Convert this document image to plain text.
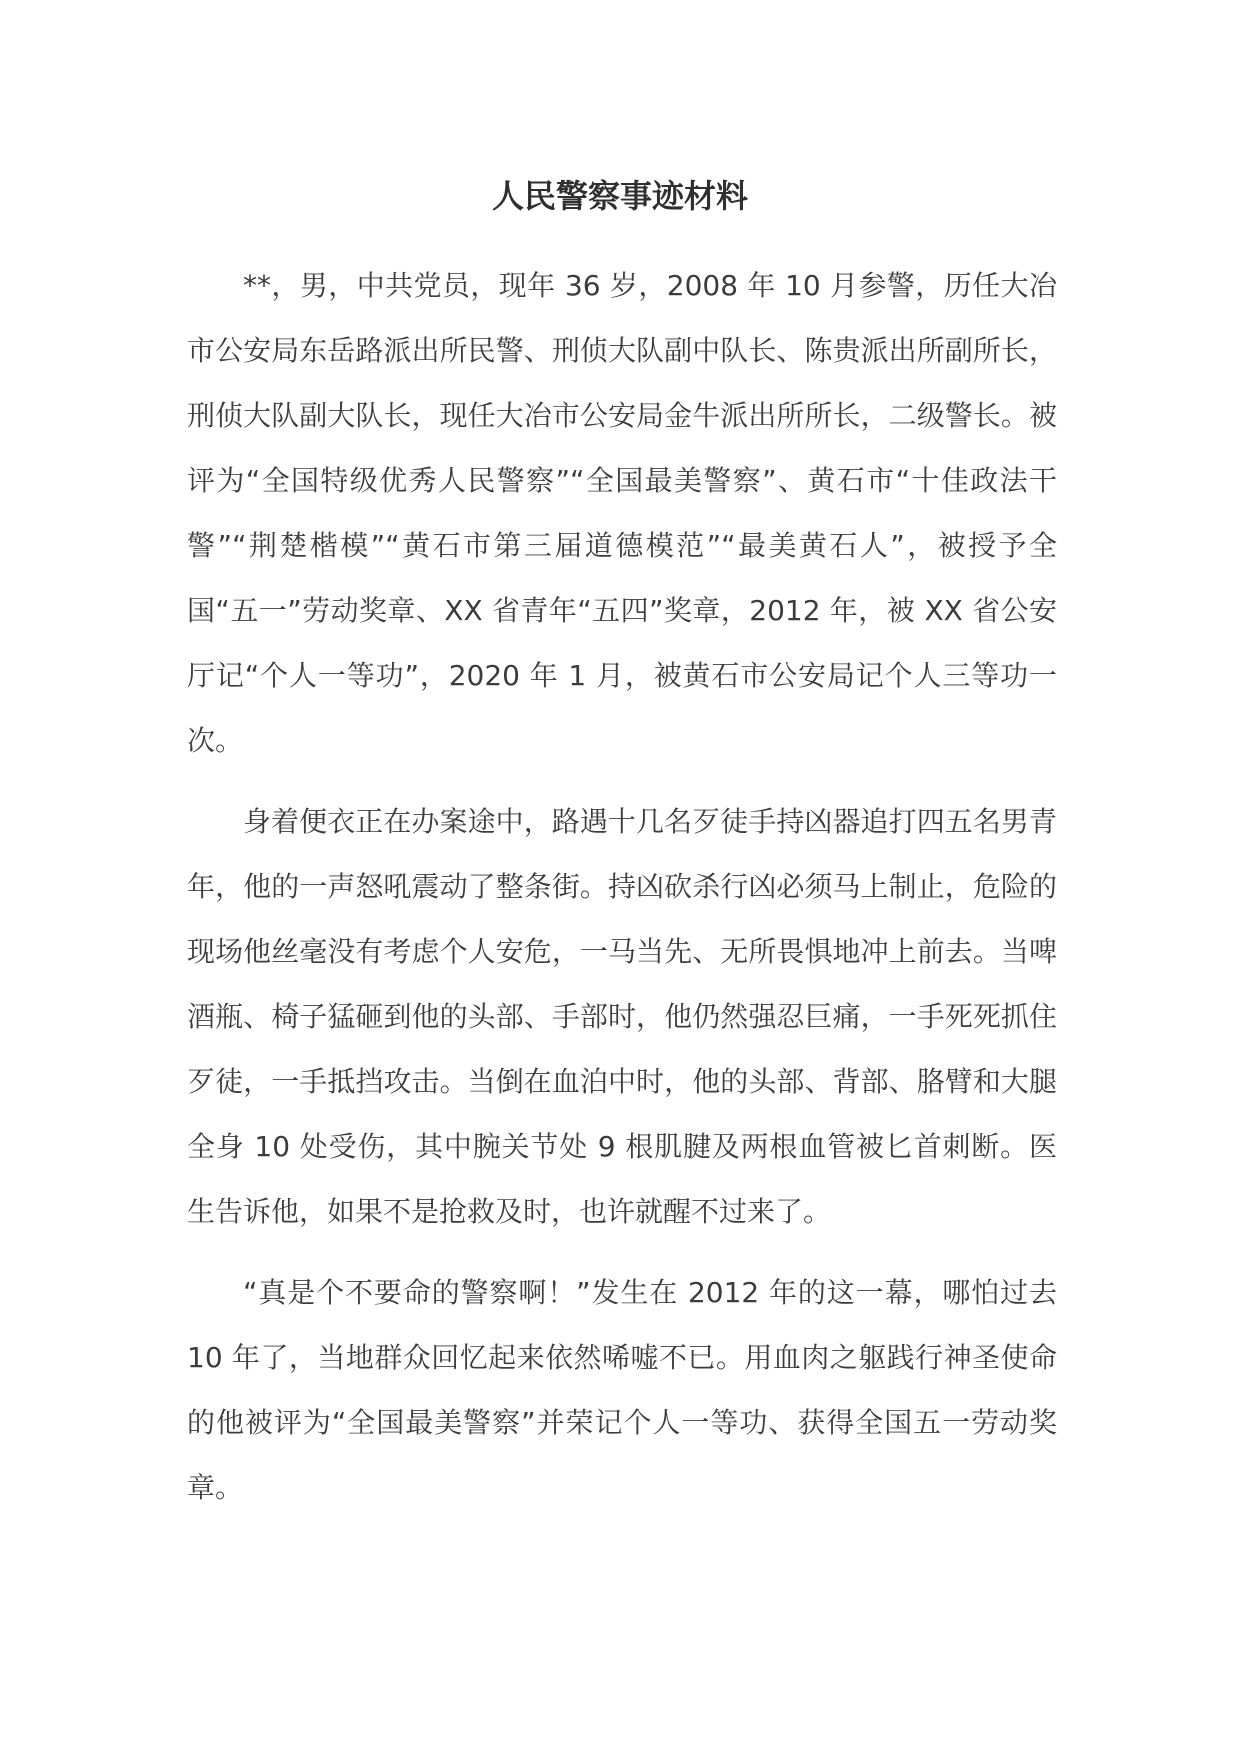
人民警察事迹材料

**，男，中共党员，现年 36 岁，2008 年 10 月参警，历任大冶市公安局东岳路派出所民警、刑侦大队副中队长、陈贵派出所副所长，刑侦大队副大队长，现任大冶市公安局金牛派出所所长，二级警长。被评为“全国特级优秀人民警察”“全国最美警察”、黄石市“十佳政法干警”“荆楚楷模”“黄石市第三届道德模范”“最美黄石人”，被授予全国“五一”劳动奖章、XX 省青年“五四”奖章，2012 年，被 XX 省公安厅记“个人一等功”，2020 年 1 月，被黄石市公安局记个人三等功一次。

身着便衣正在办案途中，路遇十几名歹徒手持凶器追打四五名男青年，他的一声怒吼震动了整条街。持凶砍杀行凶必须马上制止，危险的现场他丝毫没有考虑个人安危，一马当先、无所畏惧地冲上前去。当啤酒瓶、椅子猛砸到他的头部、手部时，他仍然强忍巨痛，一手死死抓住歹徒，一手抵挡攻击。当倒在血泊中时，他的头部、背部、胳臂和大腿全身 10 处受伤，其中腕关节处 9 根肌腱及两根血管被匕首刺断。医生告诉他，如果不是抢救及时，也许就醒不过来了。

“真是个不要命的警察啊！”发生在 2012 年的这一幕，哪怕过去 10 年了，当地群众回忆起来依然唏嘘不已。用血肉之躯践行神圣使命的他被评为“全国最美警察”并荣记个人一等功、获得全国五一劳动奖章。
